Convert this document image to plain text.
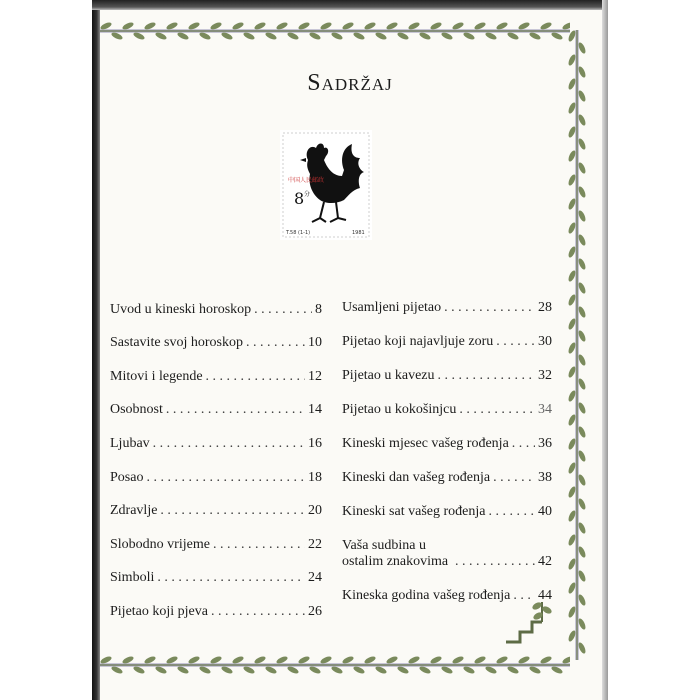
Sadržaj
中国人民邮政
8 分
T.58 (1-1)	1981
Uvod u kineski horoskop . . .	8
Sastavite svoj horoskop . . .	10
Mitovi i legende . . .	12
Osobnost . . .	14
Ljubav . . .	16
Posao . . .	18
Zdravlje . . .	20
Slobodno vrijeme . . .	22
Simboli . . .	24
Pijetao koji pjeva . . .	26
Usamljeni pijetao . . .	28
Pijetao koji najavljuje zoru . . .	30
Pijetao u kavezu . . .	32
Pijetao u kokošinjcu . . .	34
Kineski mjesec vašeg rođenja . . . 36
Kineski dan vašeg rođenja . . .	38
Kineski sat vašeg rođenja . . .	40
Vaša sudbina u ostalim znakovima . . .	42
Kineska godina vašeg rođenja . . . 44
